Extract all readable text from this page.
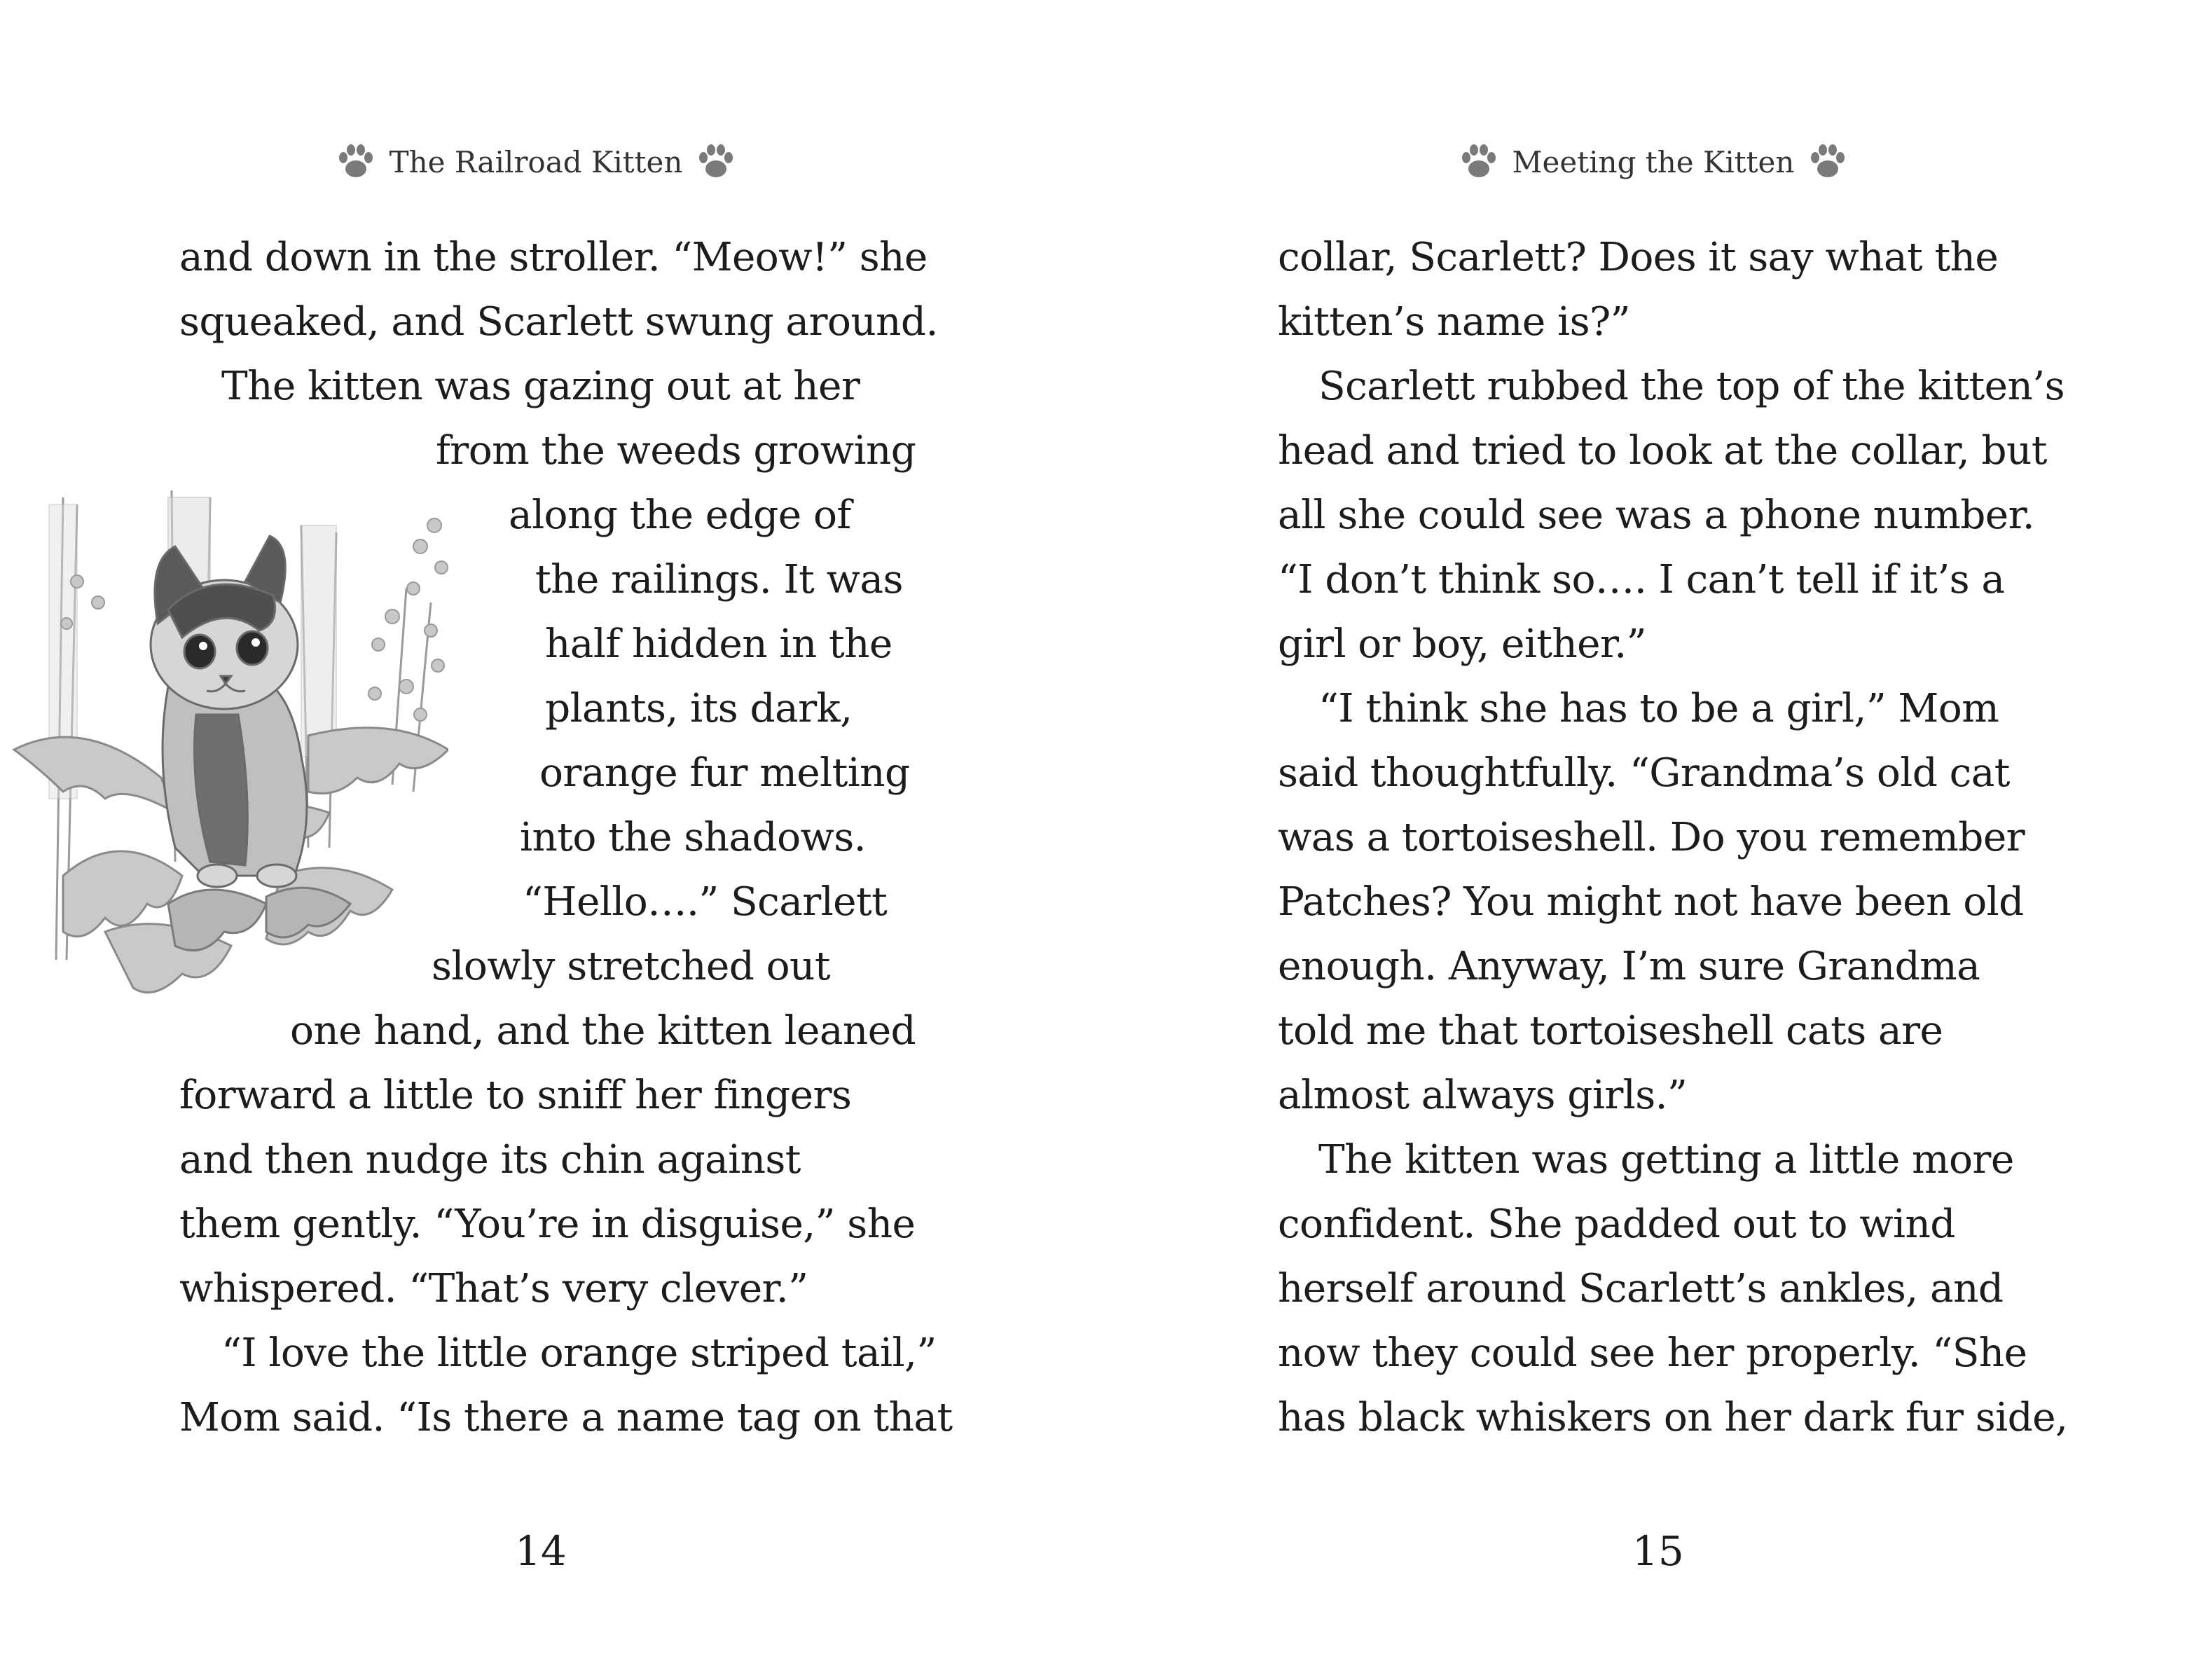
The Railroad Kitten
and down in the stroller. “Meow!” she
squeaked, and Scarlett swung around.
The kitten was gazing out at her
from the weeds growing
along the edge of
the railings. It was
half hidden in the
plants, its dark,
orange fur melting
into the shadows.
“Hello….” Scarlett
slowly stretched out
one hand, and the kitten leaned
forward a little to sniff her fingers
and then nudge its chin against
them gently. “You’re in disguise,” she
whispered. “That’s very clever.”
“I love the little orange striped tail,”
Mom said. “Is there a name tag on that
14
Meeting the Kitten
collar, Scarlett? Does it say what the
kitten’s name is?”
Scarlett rubbed the top of the kitten’s
head and tried to look at the collar, but
all she could see was a phone number.
“I don’t think so…. I can’t tell if it’s a
girl or boy, either.”
“I think she has to be a girl,” Mom
said thoughtfully. “Grandma’s old cat
was a tortoiseshell. Do you remember
Patches? You might not have been old
enough. Anyway, I’m sure Grandma
told me that tortoiseshell cats are
almost always girls.”
The kitten was getting a little more
confident. She padded out to wind
herself around Scarlett’s ankles, and
now they could see her properly. “She
has black whiskers on her dark fur side,
15
